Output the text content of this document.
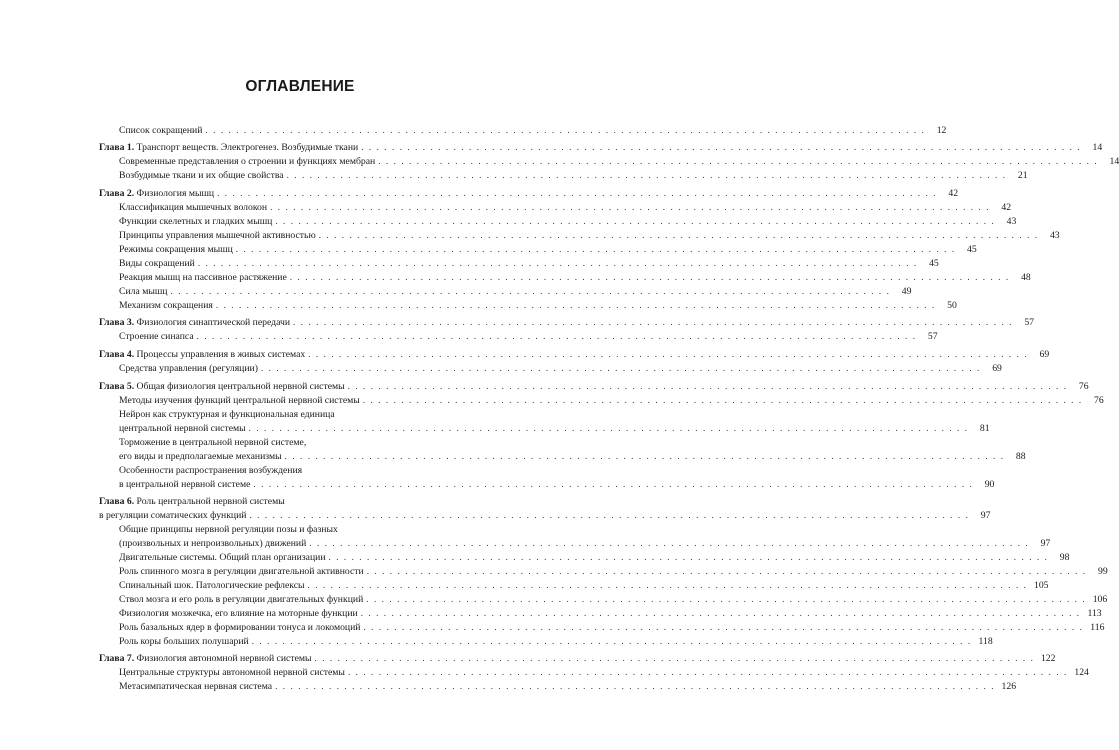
ОГЛАВЛЕНИЕ
Список сокращений . . .	12
Глава 1. Транспорт веществ. Электрогенез. Возбудимые ткани . . .	14
Современные представления о строении и функциях мембран . . .	14
Возбудимые ткани и их общие свойства . . .	21
Глава 2. Физиология мышц . . .	42
Классификация мышечных волокон . . .	42
Функции скелетных и гладких мышц . . .	43
Принципы управления мышечной активностью . . .	43
Режимы сокращения мышц . . .	45
Виды сокращений . . .	45
Реакция мышц на пассивное растяжение . . .	48
Сила мышц . . .	49
Механизм сокращения . . .	50
Глава 3. Физиология синаптической передачи . . .	57
Строение синапса . . .	57
Глава 4. Процессы управления в живых системах . . .	69
Средства управления (регуляции) . . .	69
Глава 5. Общая физиология центральной нервной системы . . .	76
Методы изучения функций центральной нервной системы . . .	76
Нейрон как структурная и функциональная единица
центральной нервной системы . . .	81
Торможение в центральной нервной системе,
его виды и предполагаемые механизмы . . .	88
Особенности распространения возбуждения
в центральной нервной системе . . .	90
Глава 6. Роль центральной нервной системы
в регуляции соматических функций . . .	97
Общие принципы нервной регуляции позы и фазных
(произвольных и непроизвольных) движений . . .	97
Двигательные системы. Общий план организации . . .	98
Роль спинного мозга в регуляции двигательной активности . . .	99
Спинальный шок. Патологические рефлексы . . .	105
Ствол мозга и его роль в регуляции двигательных функций . . .	106
Физиология мозжечка, его влияние на моторные функции . . .	113
Роль базальных ядер в формировании тонуса и локомоций . . .	116
Роль коры больших полушарий . . .	118
Глава 7. Физиология автономной нервной системы . . .	122
Центральные структуры автономной нервной системы . . .	124
Метасимпатическая нервная система . . .	126
